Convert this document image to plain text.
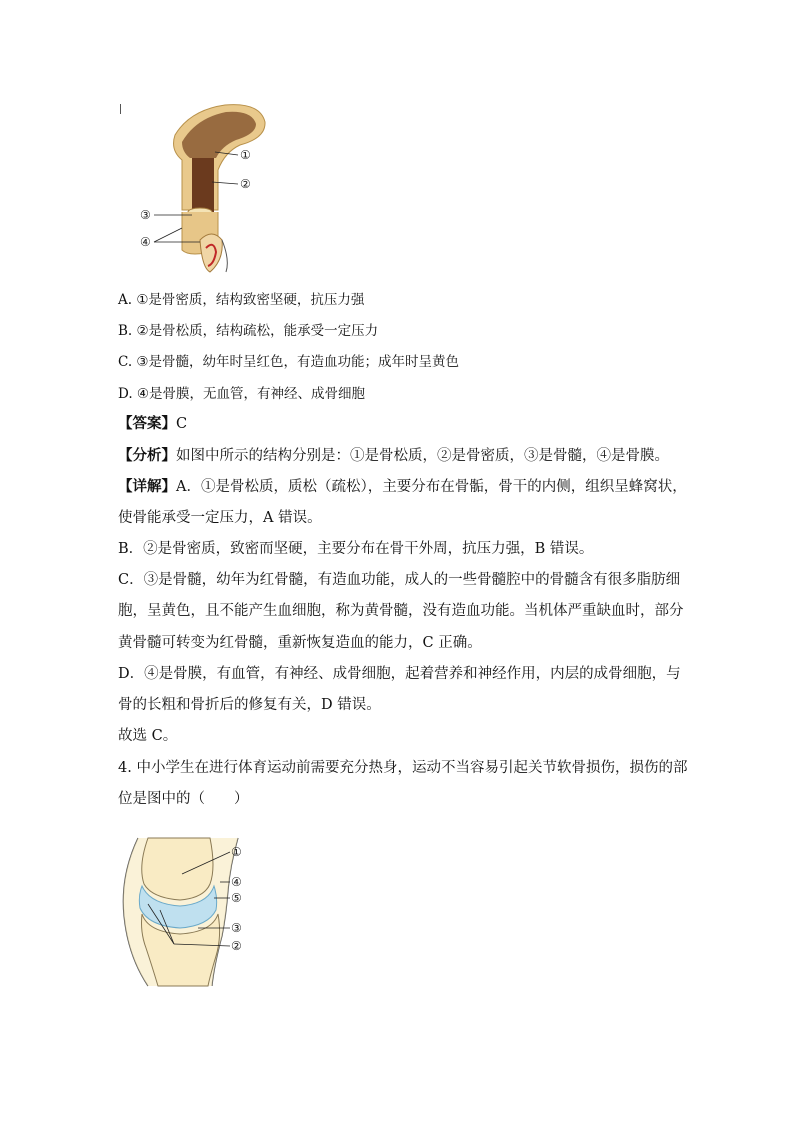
①
②
③
④
A. ①是骨密质，结构致密坚硬，抗压力强
B. ②是骨松质，结构疏松，能承受一定压力
C. ③是骨髓，幼年时呈红色，有造血功能；成年时呈黄色
D. ④是骨膜，无血管，有神经、成骨细胞
【答案】C
【分析】如图中所示的结构分别是：①是骨松质，②是骨密质，③是骨髓，④是骨膜。
【详解】A．①是骨松质，质松（疏松），主要分布在骨骺，骨干的内侧，组织呈蜂窝状，
使骨能承受一定压力，A 错误。
B．②是骨密质，致密而坚硬，主要分布在骨干外周，抗压力强，B 错误。
C．③是骨髓，幼年为红骨髓，有造血功能，成人的一些骨髓腔中的骨髓含有很多脂肪细
胞，呈黄色，且不能产生血细胞，称为黄骨髓，没有造血功能。当机体严重缺血时，部分
黄骨髓可转变为红骨髓，重新恢复造血的能力，C 正确。
D．④是骨膜，有血管，有神经、成骨细胞，起着营养和神经作用，内层的成骨细胞，与
骨的长粗和骨折后的修复有关，D 错误。
故选 C。
4. 中小学生在进行体育运动前需要充分热身，运动不当容易引起关节软骨损伤，损伤的部
位是图中的（　　）
①
④
⑤
③
②
